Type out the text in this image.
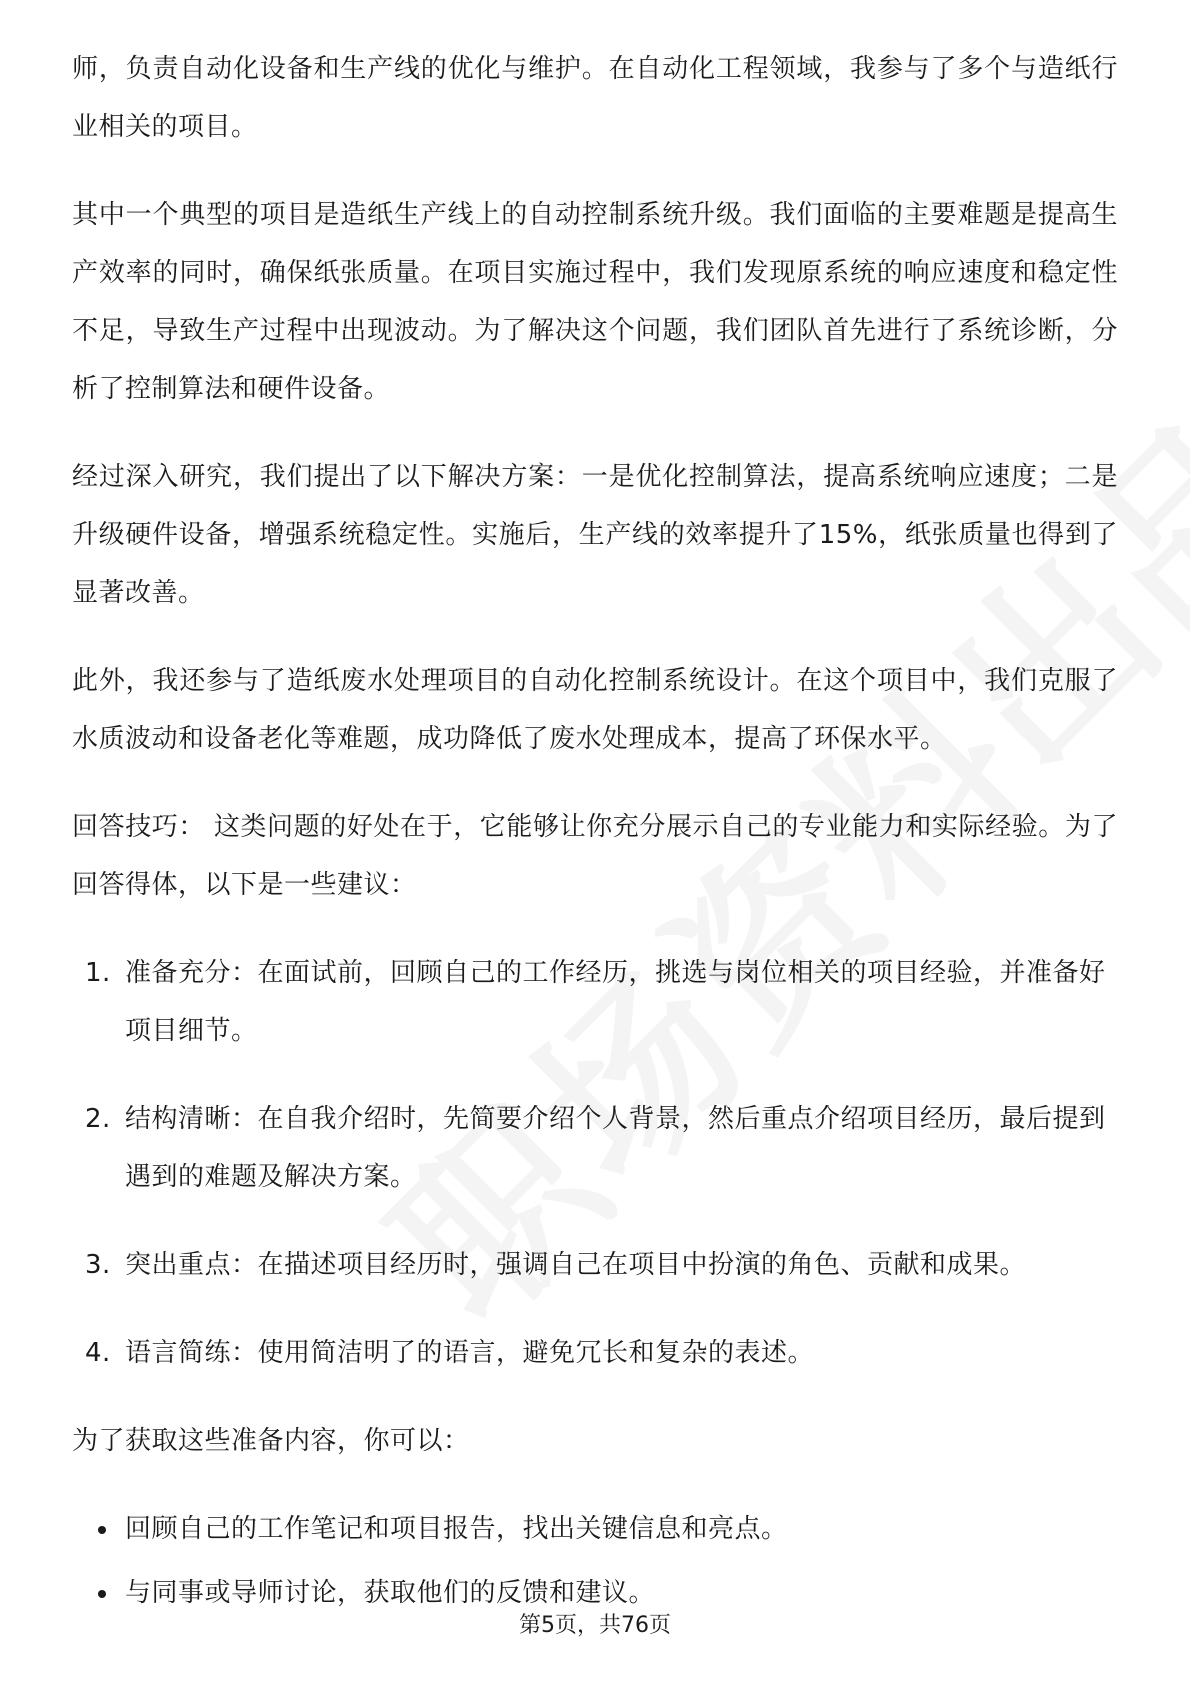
师，负责自动化设备和生产线的优化与维护。在自动化工程领域，我参与了多个与造纸行业相关的项目。

其中一个典型的项目是造纸生产线上的自动控制系统升级。我们面临的主要难题是提高生产效率的同时，确保纸张质量。在项目实施过程中，我们发现原系统的响应速度和稳定性不足，导致生产过程中出现波动。为了解决这个问题，我们团队首先进行了系统诊断，分析了控制算法和硬件设备。

经过深入研究，我们提出了以下解决方案：一是优化控制算法，提高系统响应速度；二是升级硬件设备，增强系统稳定性。实施后，生产线的效率提升了15%，纸张质量也得到了显著改善。

此外，我还参与了造纸废水处理项目的自动化控制系统设计。在这个项目中，我们克服了水质波动和设备老化等难题，成功降低了废水处理成本，提高了环保水平。

回答技巧： 这类问题的好处在于，它能够让你充分展示自己的专业能力和实际经验。为了回答得体，以下是一些建议：

1. 准备充分：在面试前，回顾自己的工作经历，挑选与岗位相关的项目经验，并准备好项目细节。
2. 结构清晰：在自我介绍时，先简要介绍个人背景，然后重点介绍项目经历，最后提到遇到的难题及解决方案。
3. 突出重点：在描述项目经历时，强调自己在项目中扮演的角色、贡献和成果。
4. 语言简练：使用简洁明了的语言，避免冗长和复杂的表述。

为了获取这些准备内容，你可以：

回顾自己的工作笔记和项目报告，找出关键信息和亮点。
与同事或导师讨论，获取他们的反馈和建议。
第5页，共76页
